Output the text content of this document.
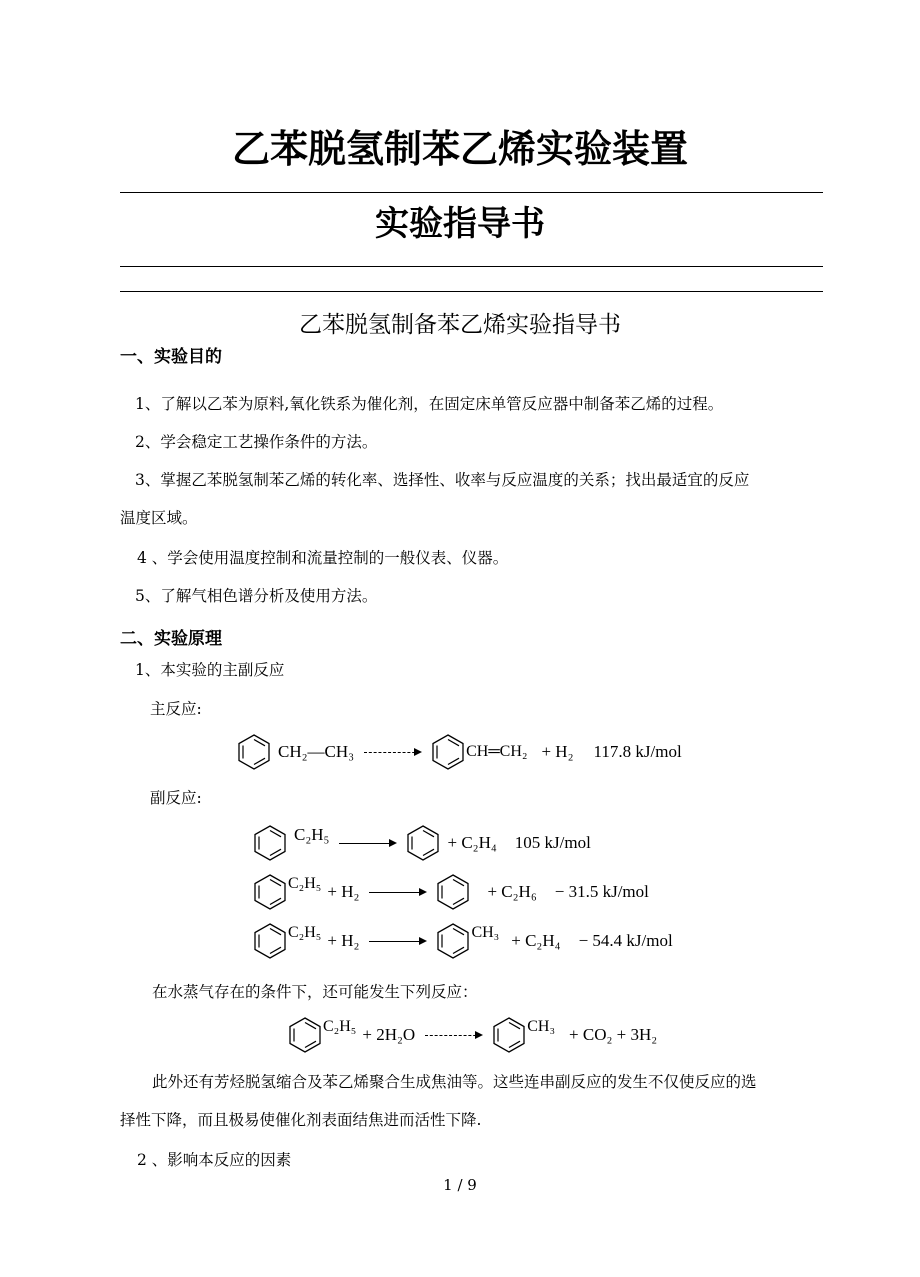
乙苯脱氢制苯乙烯实验装置
实验指导书
乙苯脱氢制备苯乙烯实验指导书
一、实验目的
1、了解以乙苯为原料,氧化铁系为催化剂，在固定床单管反应器中制备苯乙烯的过程。
2、学会稳定工艺操作条件的方法。
3、掌握乙苯脱氢制苯乙烯的转化率、选择性、收率与反应温度的关系；找出最适宜的反应
温度区域。
4 、学会使用温度控制和流量控制的一般仪表、仪器。
5、了解气相色谱分析及使用方法。
二、实验原理
1、本实验的主副反应
主反应:
CH₂—CH₃	CH═CH₂ + H₂ 117.8 kJ/mol
副反应:
C₂H₅	+ C₂H₄ 105 kJ/mol
C₂H₅ + H₂	+ C₂H₆ − 31.5 kJ/mol
C₂H₅ + H₂	CH₃ + C₂H₄ − 54.4 kJ/mol
在水蒸气存在的条件下，还可能发生下列反应：
C₂H₅ + 2H₂O	CH₃ + CO₂ + 3H₂
此外还有芳烃脱氢缩合及苯乙烯聚合生成焦油等。这些连串副反应的发生不仅使反应的选
择性下降，而且极易使催化剂表面结焦进而活性下降.
2 、影响本反应的因素
1 / 9
